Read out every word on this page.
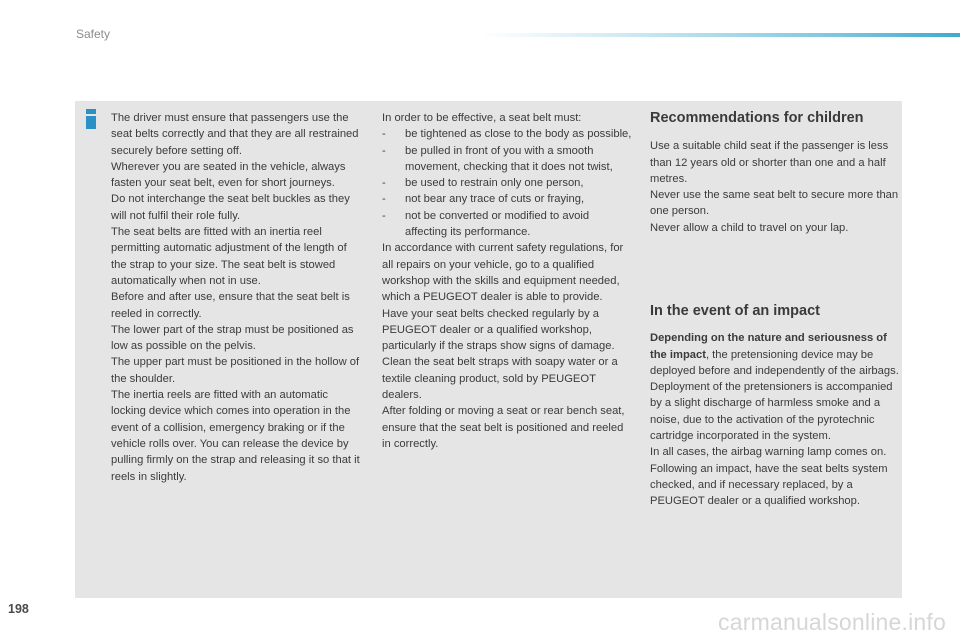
Safety

The driver must ensure that passengers use the seat belts correctly and that they are all restrained securely before setting off.

Wherever you are seated in the vehicle, always fasten your seat belt, even for short journeys.

Do not interchange the seat belt buckles as they will not fulfil their role fully.

The seat belts are fitted with an inertia reel permitting automatic adjustment of the length of the strap to your size. The seat belt is stowed automatically when not in use.

Before and after use, ensure that the seat belt is reeled in correctly.

The lower part of the strap must be positioned as low as possible on the pelvis.

The upper part must be positioned in the hollow of the shoulder.

The inertia reels are fitted with an automatic locking device which comes into operation in the event of a collision, emergency braking or if the vehicle rolls over. You can release the device by pulling firmly on the strap and releasing it so that it reels in slightly.

In order to be effective, a seat belt must:

- be tightened as close to the body as possible,
- be pulled in front of you with a smooth movement, checking that it does not twist,
- be used to restrain only one person,
- not bear any trace of cuts or fraying,
- not be converted or modified to avoid affecting its performance.

In accordance with current safety regulations, for all repairs on your vehicle, go to a qualified workshop with the skills and equipment needed, which a PEUGEOT dealer is able to provide.

Have your seat belts checked regularly by a PEUGEOT dealer or a qualified workshop, particularly if the straps show signs of damage.

Clean the seat belt straps with soapy water or a textile cleaning product, sold by PEUGEOT dealers.

After folding or moving a seat or rear bench seat, ensure that the seat belt is positioned and reeled in correctly.

Recommendations for children

Use a suitable child seat if the passenger is less than 12 years old or shorter than one and a half metres.

Never use the same seat belt to secure more than one person.

Never allow a child to travel on your lap.

In the event of an impact

Depending on the nature and seriousness of the impact, the pretensioning device may be deployed before and independently of the airbags.

Deployment of the pretensioners is accompanied by a slight discharge of harmless smoke and a noise, due to the activation of the pyrotechnic cartridge incorporated in the system.

In all cases, the airbag warning lamp comes on.

Following an impact, have the seat belts system checked, and if necessary replaced, by a PEUGEOT dealer or a qualified workshop.

198	carmanualsonline.info
